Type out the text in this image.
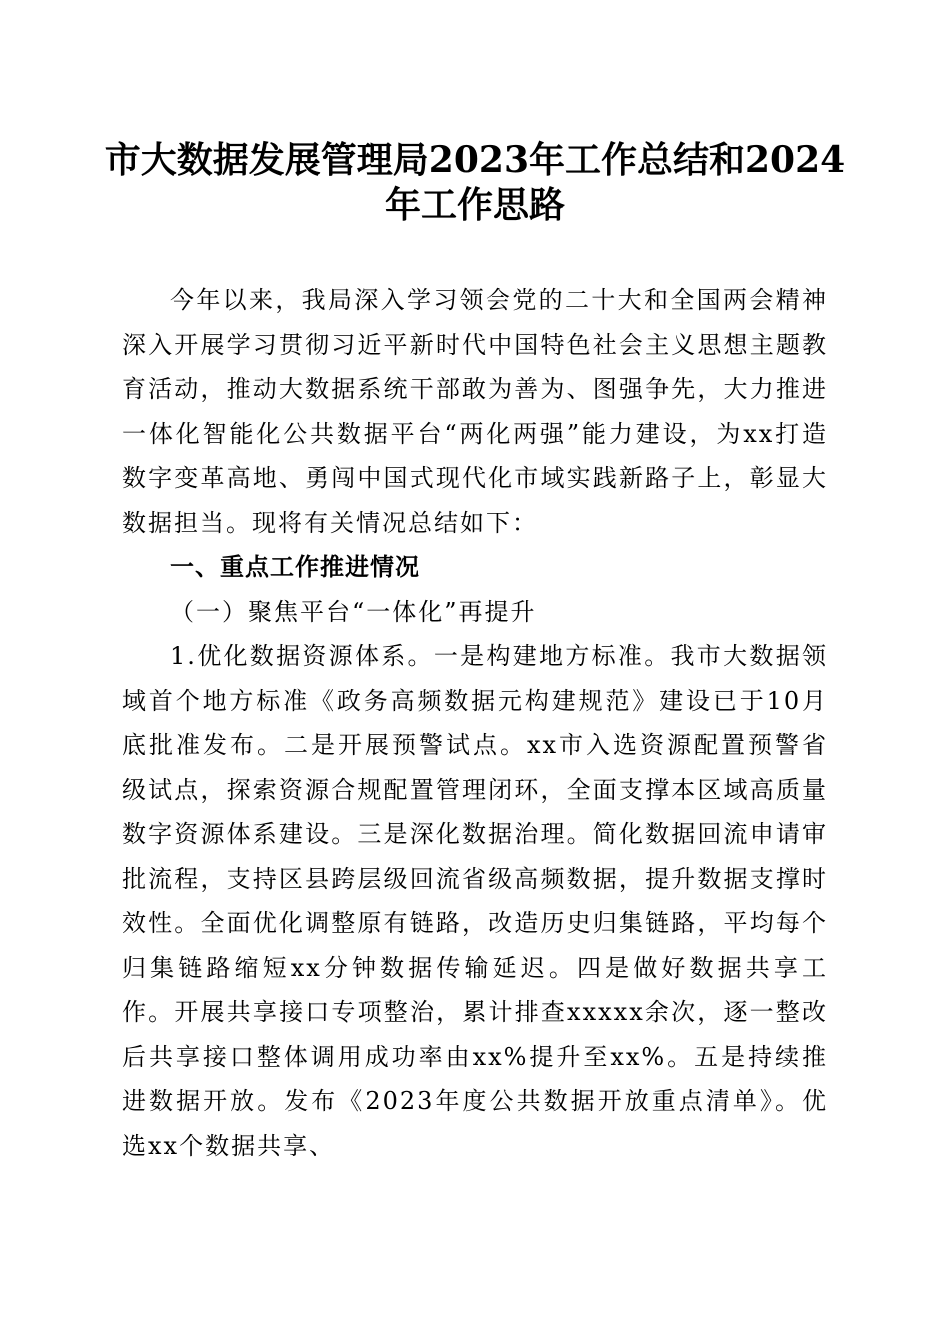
市大数据发展管理局2023年工作总结和2024
年工作思路

今年以来，我局深入学习领会党的二十大和全国两会精神深入开展学习贯彻习近平新时代中国特色社会主义思想主题教育活动，推动大数据系统干部敢为善为、图强争先，大力推进一体化智能化公共数据平台“两化两强”能力建设，为xx打造数字变革高地、勇闯中国式现代化市域实践新路子上，彰显大数据担当。现将有关情况总结如下：

一、重点工作推进情况

（一）聚焦平台“一体化”再提升

1.优化数据资源体系。一是构建地方标准。我市大数据领域首个地方标准《政务高频数据元构建规范》建设已于10月底批准发布。二是开展预警试点。xx市入选资源配置预警省级试点，探索资源合规配置管理闭环，全面支撑本区域高质量数字资源体系建设。三是深化数据治理。简化数据回流申请审批流程，支持区县跨层级回流省级高频数据，提升数据支撑时效性。全面优化调整原有链路，改造历史归集链路，平均每个归集链路缩短xx分钟数据传输延迟。四是做好数据共享工作。开展共享接口专项整治，累计排查xxxxx余次，逐一整改后共享接口整体调用成功率由xx%提升至xx%。五是持续推进数据开放。发布《2023年度公共数据开放重点清单》。优选xx个数据共享、
